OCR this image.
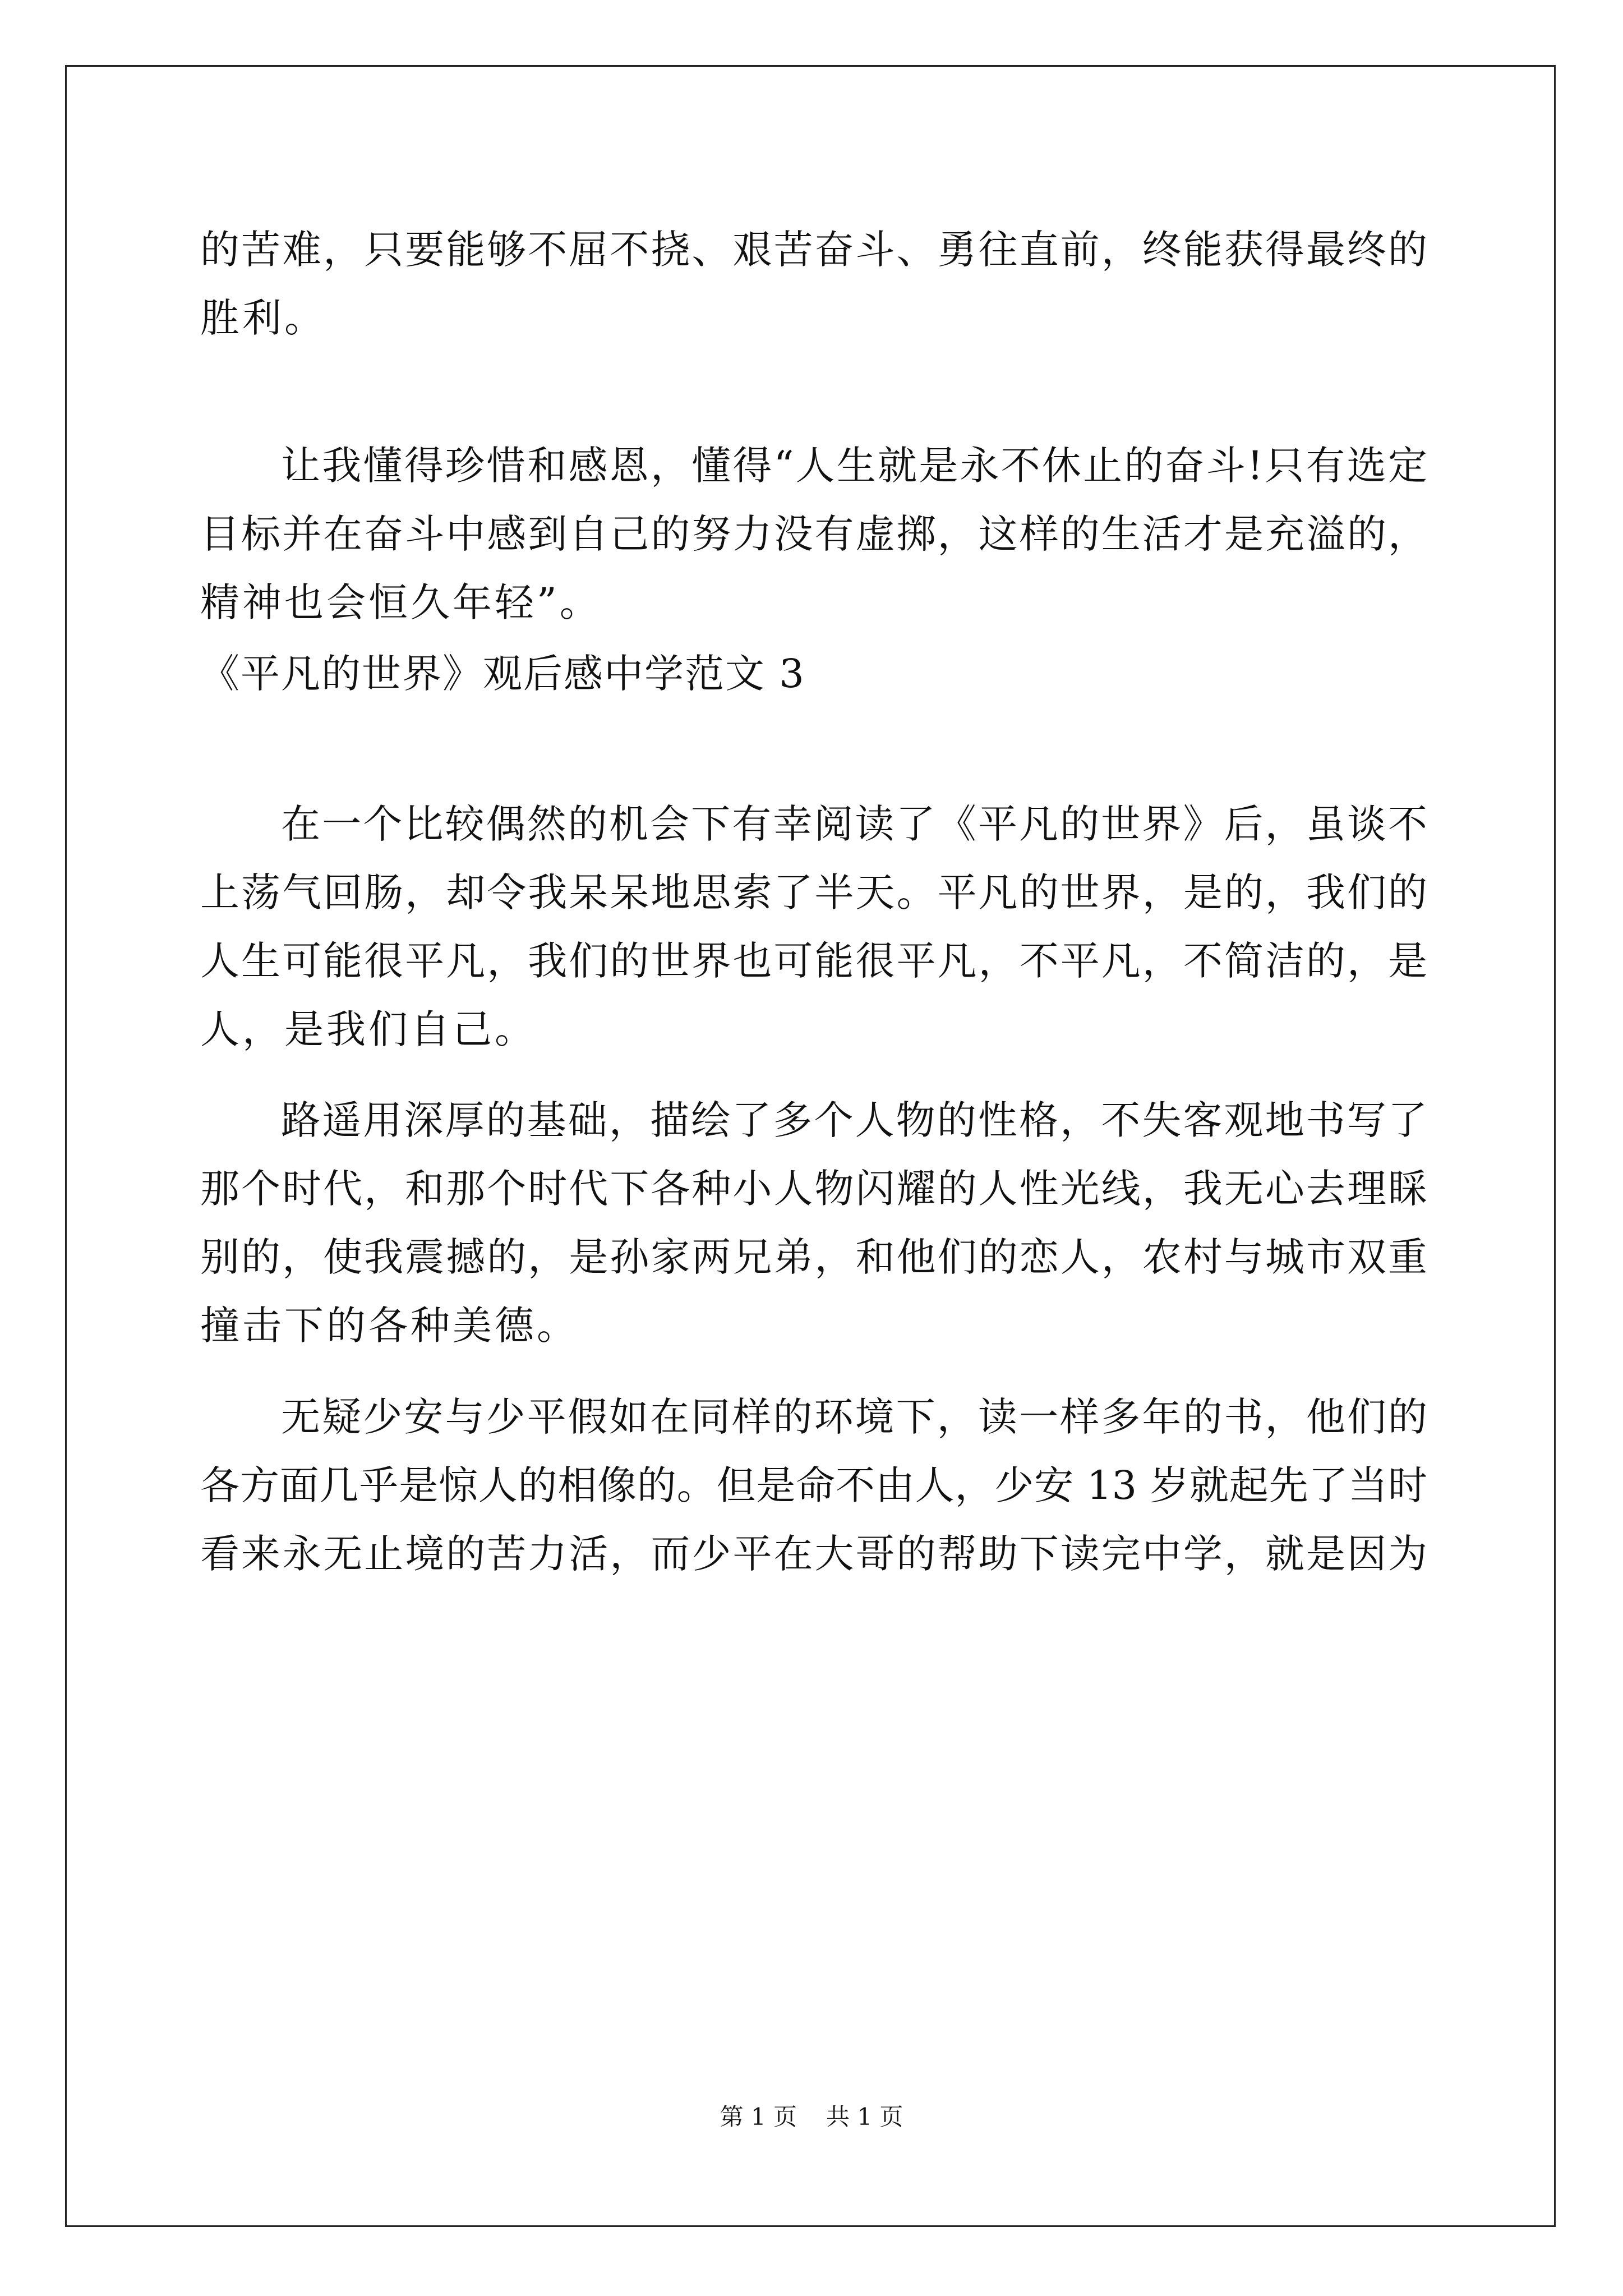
的苦难，只要能够不屈不挠、艰苦奋斗、勇往直前，终能获得最终的
胜利。
让我懂得珍惜和感恩，懂得“人生就是永不休止的奋斗!只有选定
目标并在奋斗中感到自己的努力没有虚掷，这样的生活才是充溢的，
精神也会恒久年轻”。
《平凡的世界》观后感中学范文 3
在一个比较偶然的机会下有幸阅读了《平凡的世界》后，虽谈不
上荡气回肠，却令我呆呆地思索了半天。平凡的世界，是的，我们的
人生可能很平凡，我们的世界也可能很平凡，不平凡，不简洁的，是
人，是我们自己。
路遥用深厚的基础，描绘了多个人物的性格，不失客观地书写了
那个时代，和那个时代下各种小人物闪耀的人性光线，我无心去理睬
别的，使我震撼的，是孙家两兄弟，和他们的恋人，农村与城市双重
撞击下的各种美德。
无疑少安与少平假如在同样的环境下，读一样多年的书，他们的
各方面几乎是惊人的相像的。但是命不由人，少安 13 岁就起先了当时
看来永无止境的苦力活，而少平在大哥的帮助下读完中学，就是因为
第 1 页 共 1 页
